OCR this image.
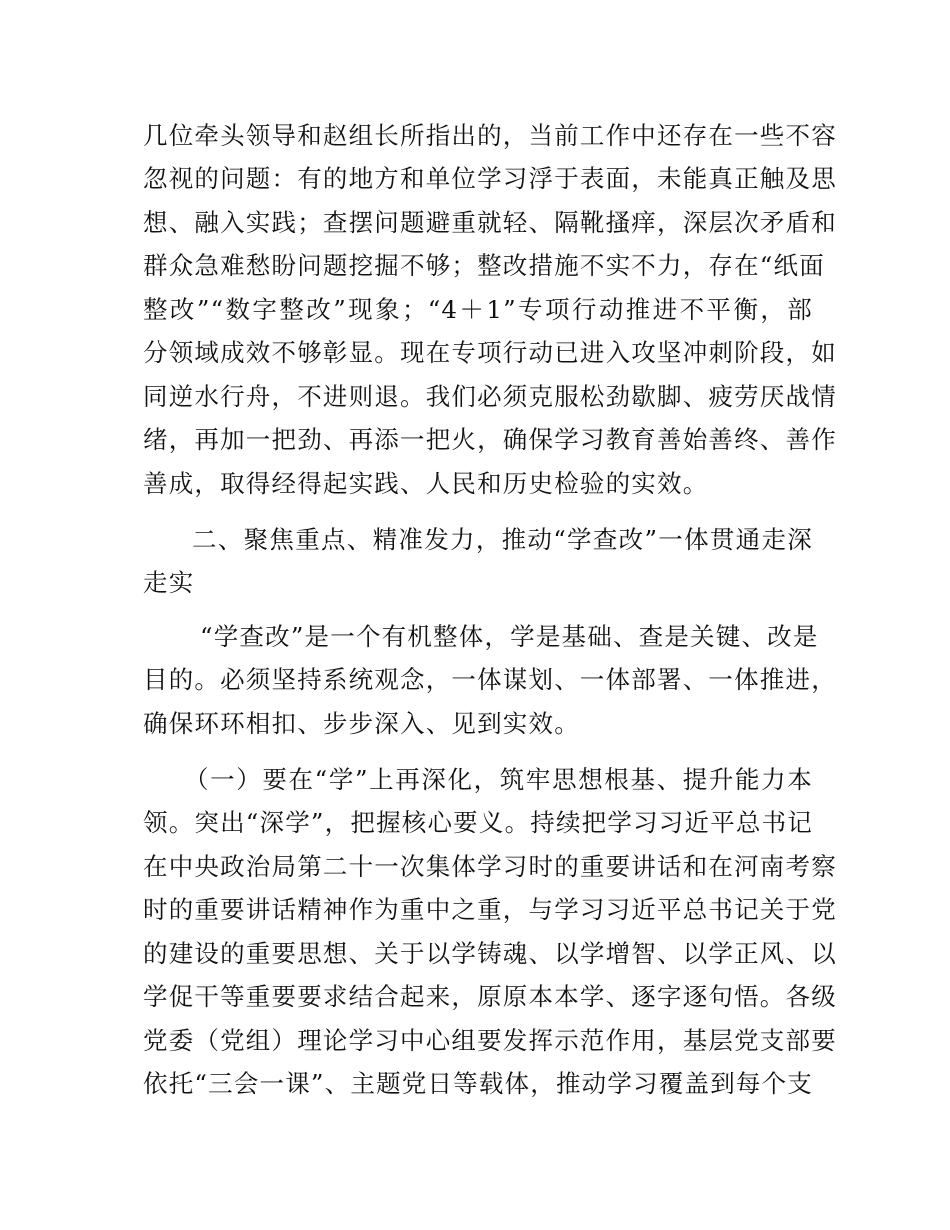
几位牵头领导和赵组长所指出的，当前工作中还存在一些不容
忽视的问题：有的地方和单位学习浮于表面，未能真正触及思
想、融入实践；查摆问题避重就轻、隔靴搔痒，深层次矛盾和
群众急难愁盼问题挖掘不够；整改措施不实不力，存在“纸面
整改”“数字整改”现象；“4＋1”专项行动推进不平衡，部
分领域成效不够彰显。现在专项行动已进入攻坚冲刺阶段，如
同逆水行舟，不进则退。我们必须克服松劲歇脚、疲劳厌战情
绪，再加一把劲、再添一把火，确保学习教育善始善终、善作
善成，取得经得起实践、人民和历史检验的实效。
二、聚焦重点、精准发力，推动“学查改”一体贯通走深
走实
“学查改”是一个有机整体，学是基础、查是关键、改是
目的。必须坚持系统观念，一体谋划、一体部署、一体推进，
确保环环相扣、步步深入、见到实效。
（一）要在“学”上再深化，筑牢思想根基、提升能力本
领。突出“深学”，把握核心要义。持续把学习习近平总书记
在中央政治局第二十一次集体学习时的重要讲话和在河南考察
时的重要讲话精神作为重中之重，与学习习近平总书记关于党
的建设的重要思想、关于以学铸魂、以学增智、以学正风、以
学促干等重要要求结合起来，原原本本学、逐字逐句悟。各级
党委（党组）理论学习中心组要发挥示范作用，基层党支部要
依托“三会一课”、主题党日等载体，推动学习覆盖到每个支
